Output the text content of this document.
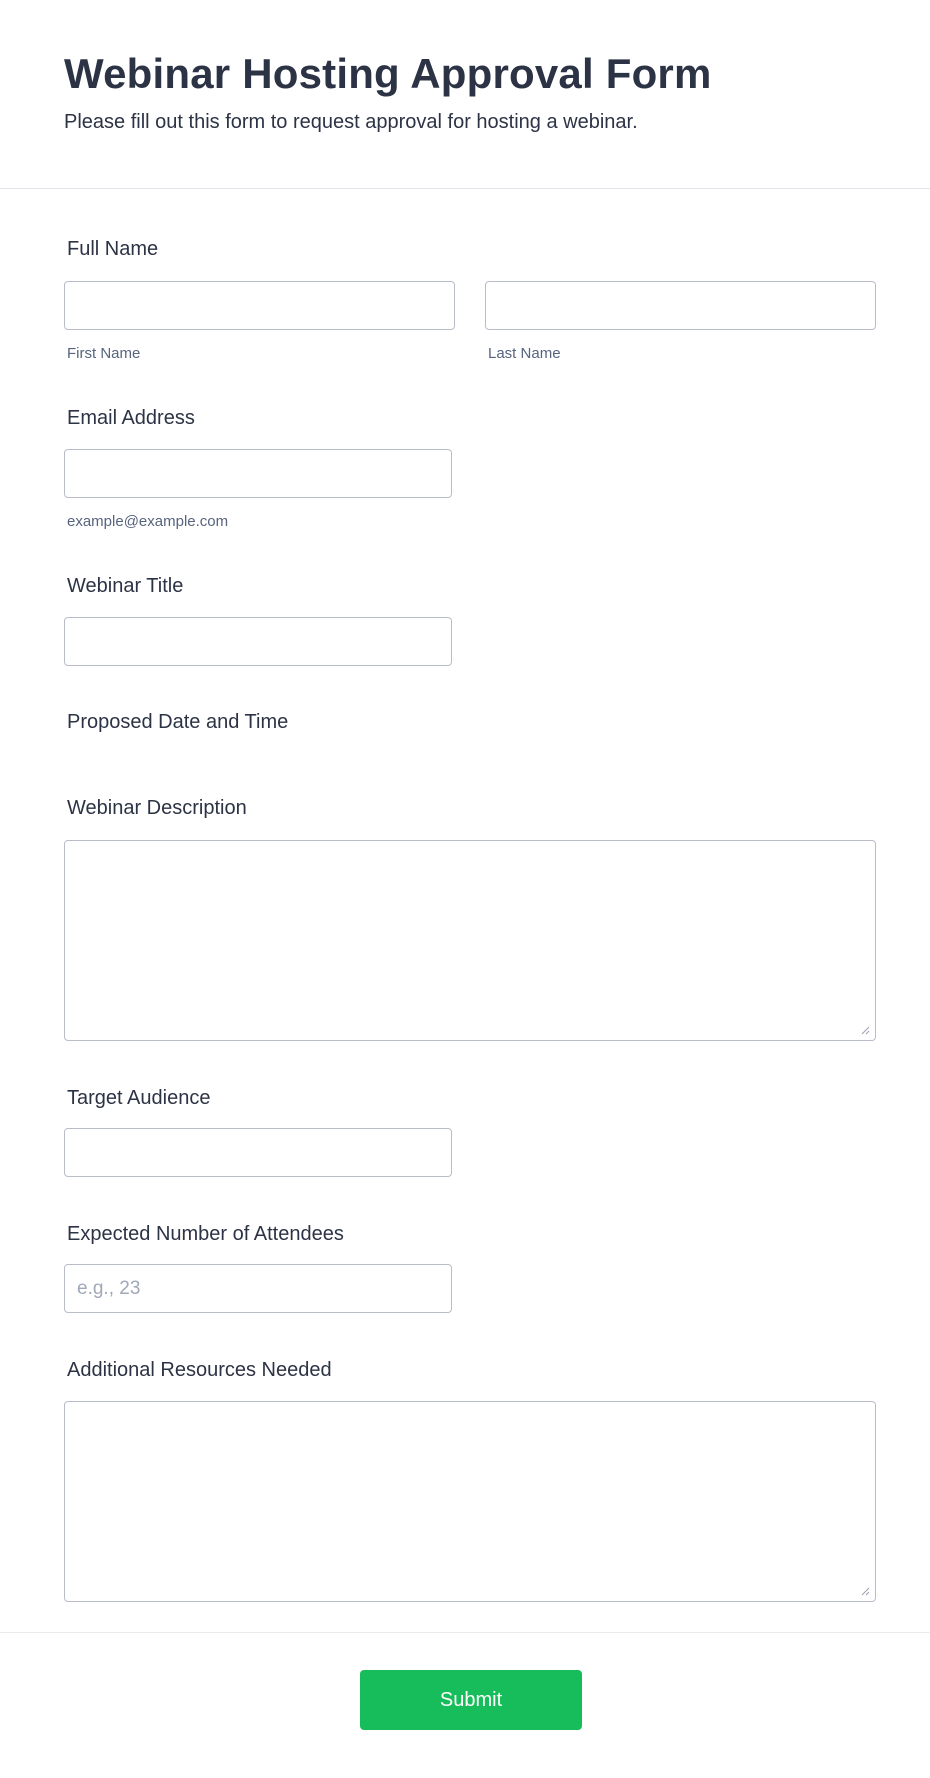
Webinar Hosting Approval Form

Please fill out this form to request approval for hosting a webinar.

Full Name
First Name	Last Name
Email Address
example@example.com
Webinar Title
Proposed Date and Time
Webinar Description
Target Audience
Expected Number of Attendees
e.g., 23
Additional Resources Needed
Submit
